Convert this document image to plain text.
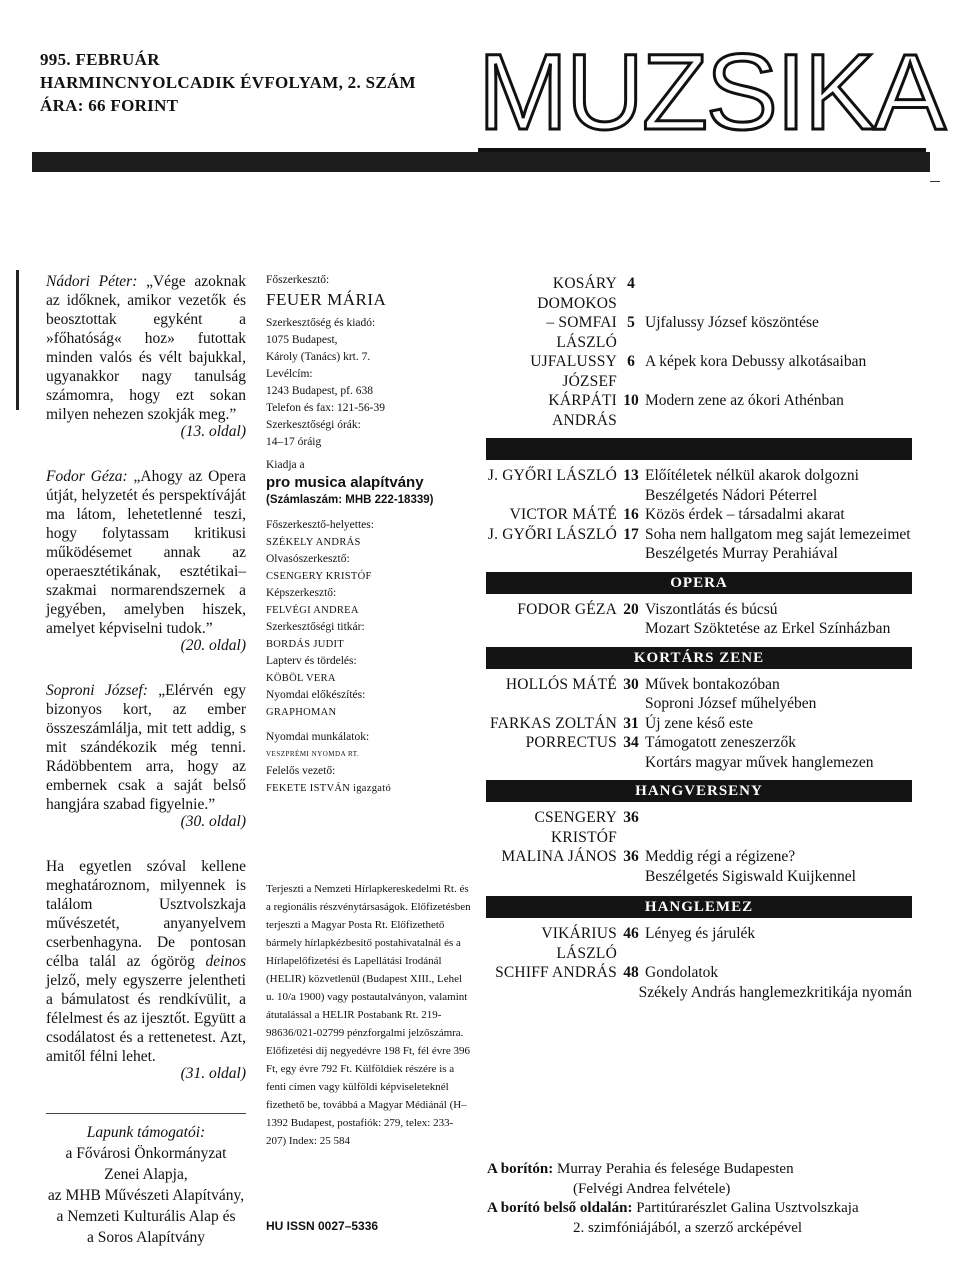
995. FEBRUÁR
HARMINCNYOLCADIK ÉVFOLYAM, 2. SZÁM
ÁRA: 66 FORINT	MUZSIKA

Nádori Péter: „Vége azoknak az időknek, amikor vezetők és beosztottak egyként a »főhatóság« hoz» futottak minden valós és vélt bajukkal, ugyanakkor nagy tanulság számomra, hogy ezt sokan milyen nehezen szokják meg.”

(13. oldal)

Fodor Géza: „Ahogy az Opera útját, helyzetét és perspektíváját ma látom, lehetetlenné teszi, hogy folytassam kritikusi működésemet annak az operaesztétikának, esztétikai–szakmai normarendszernek a jegyében, amelyben hiszek, amelyet képviselni tudok.”

(20. oldal)

Soproni József: „Elérvén egy bizonyos kort, az ember összeszámlálja, mit tett addig, s mit szándékozik még tenni. Rádöbbentem arra, hogy az embernek csak a saját belső hangjára szabad figyelnie.”

(30. oldal)

Ha egyetlen szóval kellene meghatároznom, milyennek is találom Usztvolszkaja művészetét, anyanyelvem cserbenhagyna. De pontosan célba talál az ógörög deinos jelző, mely egyszerre jelentheti a bámulatost és rendkívülit, a félelmest és az ijesztőt. Együtt a csodálatost és a rettenetest. Azt, amitől félni lehet.

(31. oldal)
Lapunk támogatói:
a Fővárosi Önkormányzat
Zenei Alapja,
az MHB Művészeti Alapítvány,
a Nemzeti Kulturális Alap és
a Soros Alapítvány
Főszerkesztő:
FEUER MÁRIA
Szerkesztőség és kiadó:
1075 Budapest,
Károly (Tanács) krt. 7.
Levélcím:
1243 Budapest, pf. 638
Telefon és fax: 121-56-39
Szerkesztőségi órák:
14–17 óráig
Kiadja a
pro musica alapítvány
(Számlaszám: MHB 222-18339)
Főszerkesztő-helyettes:
SZÉKELY ANDRÁS
Olvasószerkesztő:
CSENGERY KRISTÓF
Képszerkesztő:
FELVÉGI ANDREA
Szerkesztőségi titkár:
BORDÁS JUDIT
Lapterv és tördelés:
KÖBÖL VERA
Nyomdai előkészítés:
GRAPHOMAN
Nyomdai munkálatok:
VESZPRÉMI NYOMDA RT.
Felelős vezető:
FEKETE ISTVÁN igazgató
Terjeszti a Nemzeti Hírlapkereskedelmi Rt. és a regionális részvénytársaságok. Előfizetésben terjeszti a Magyar Posta Rt. Előfizethető bármely hírlapkézbesítő postahivatalnál és a Hírlapelőfizetési és Lapellátási Irodánál (HELIR) közvetlenül (Budapest XIII., Lehel u. 10/a 1900) vagy postautalványon, valamint átutalással a HELIR Postabank Rt. 219-98636/021-02799 pénzforgalmi jelzőszámra. Előfizetési díj negyedévre 198 Ft, fél évre 396 Ft, egy évre 792 Ft. Külföldiek részére is a fenti címen vagy külföldi képviseleteknél fizethető be, továbbá a Magyar Médiánál (H–1392 Budapest, postafiók: 279, telex: 233-207) Index: 25 584
HU ISSN 0027–5336
KOSÁRY DOMOKOS
4
– SOMFAI LÁSZLÓ
5 Ujfalussy József köszöntése
UJFALUSSY JÓZSEF
6 A képek kora Debussy alkotásaiban
KÁRPÁTI ANDRÁS
10 Modern zene az ókori Athénban
J. GYŐRI LÁSZLÓ 13 Előítéletek nélkül akarok dolgozni
Beszélgetés Nádori Péterrel
VICTOR MÁTÉ 16 Közös érdek – társadalmi akarat
J. GYŐRI LÁSZLÓ 17 Soha nem hallgatom meg saját lemezeimet
Beszélgetés Murray Perahiával
OPERA
FODOR GÉZA 20 Viszontlátás és búcsú
Mozart Szöktetése az Erkel Színházban
KORTÁRS ZENE
HOLLÓS MÁTÉ 30 Művek bontakozóban
Soproni József műhelyében
FARKAS ZOLTÁN 31 Új zene késő este
PORRECTUS 34 Támogatott zeneszerzők
Kortárs magyar művek hanglemezen
HANGVERSENY
CSENGERY KRISTÓF
36
MALINA JÁNOS 36 Meddig régi a régizene?
Beszélgetés Sigiswald Kuijkennel
HANGLEMEZ
VIKÁRIUS LÁSZLÓ
46 Lényeg és járulék
SCHIFF ANDRÁS 48 Gondolatok
Székely András hanglemezkritikája nyomán
A borítón: Murray Perahia és felesége Budapesten
(Felvégi Andrea felvétele)
A borító belső oldalán: Partitúrarészlet Galina Usztvolszkaja
2. szimfóniájából, a szerző arcképével
